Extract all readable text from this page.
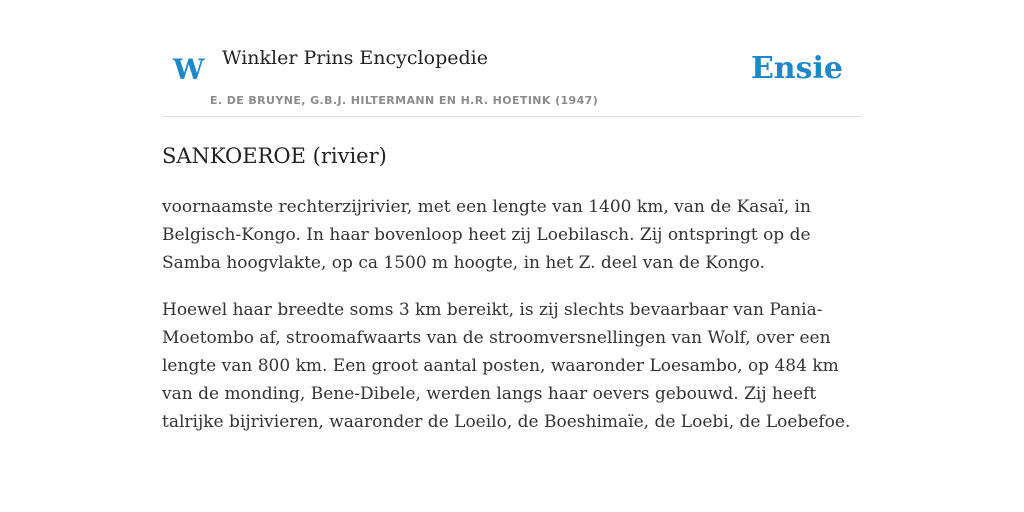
W Winkler Prins Encyclopedie
E. DE BRUYNE, G.B.J. HILTERMANN EN H.R. HOETINK (1947)
Ensie
SANKOEROE (rivier)

voornaamste rechterzijrivier, met een lengte van 1400 km, van de Kasaï, in Belgisch-Kongo. In haar bovenloop heet zij Loebilasch. Zij ontspringt op de Samba hoogvlakte, op ca 1500 m hoogte, in het Z. deel van de Kongo.

Hoewel haar breedte soms 3 km bereikt, is zij slechts bevaarbaar van Pania-Moetombo af, stroomafwaarts van de stroomversnellingen van Wolf, over een lengte van 800 km. Een groot aantal posten, waaronder Loesambo, op 484 km van de monding, Bene-Dibele, werden langs haar oevers gebouwd. Zij heeft talrijke bijrivieren, waaronder de Loeilo, de Boeshimaïe, de Loebi, de Loebefoe.
